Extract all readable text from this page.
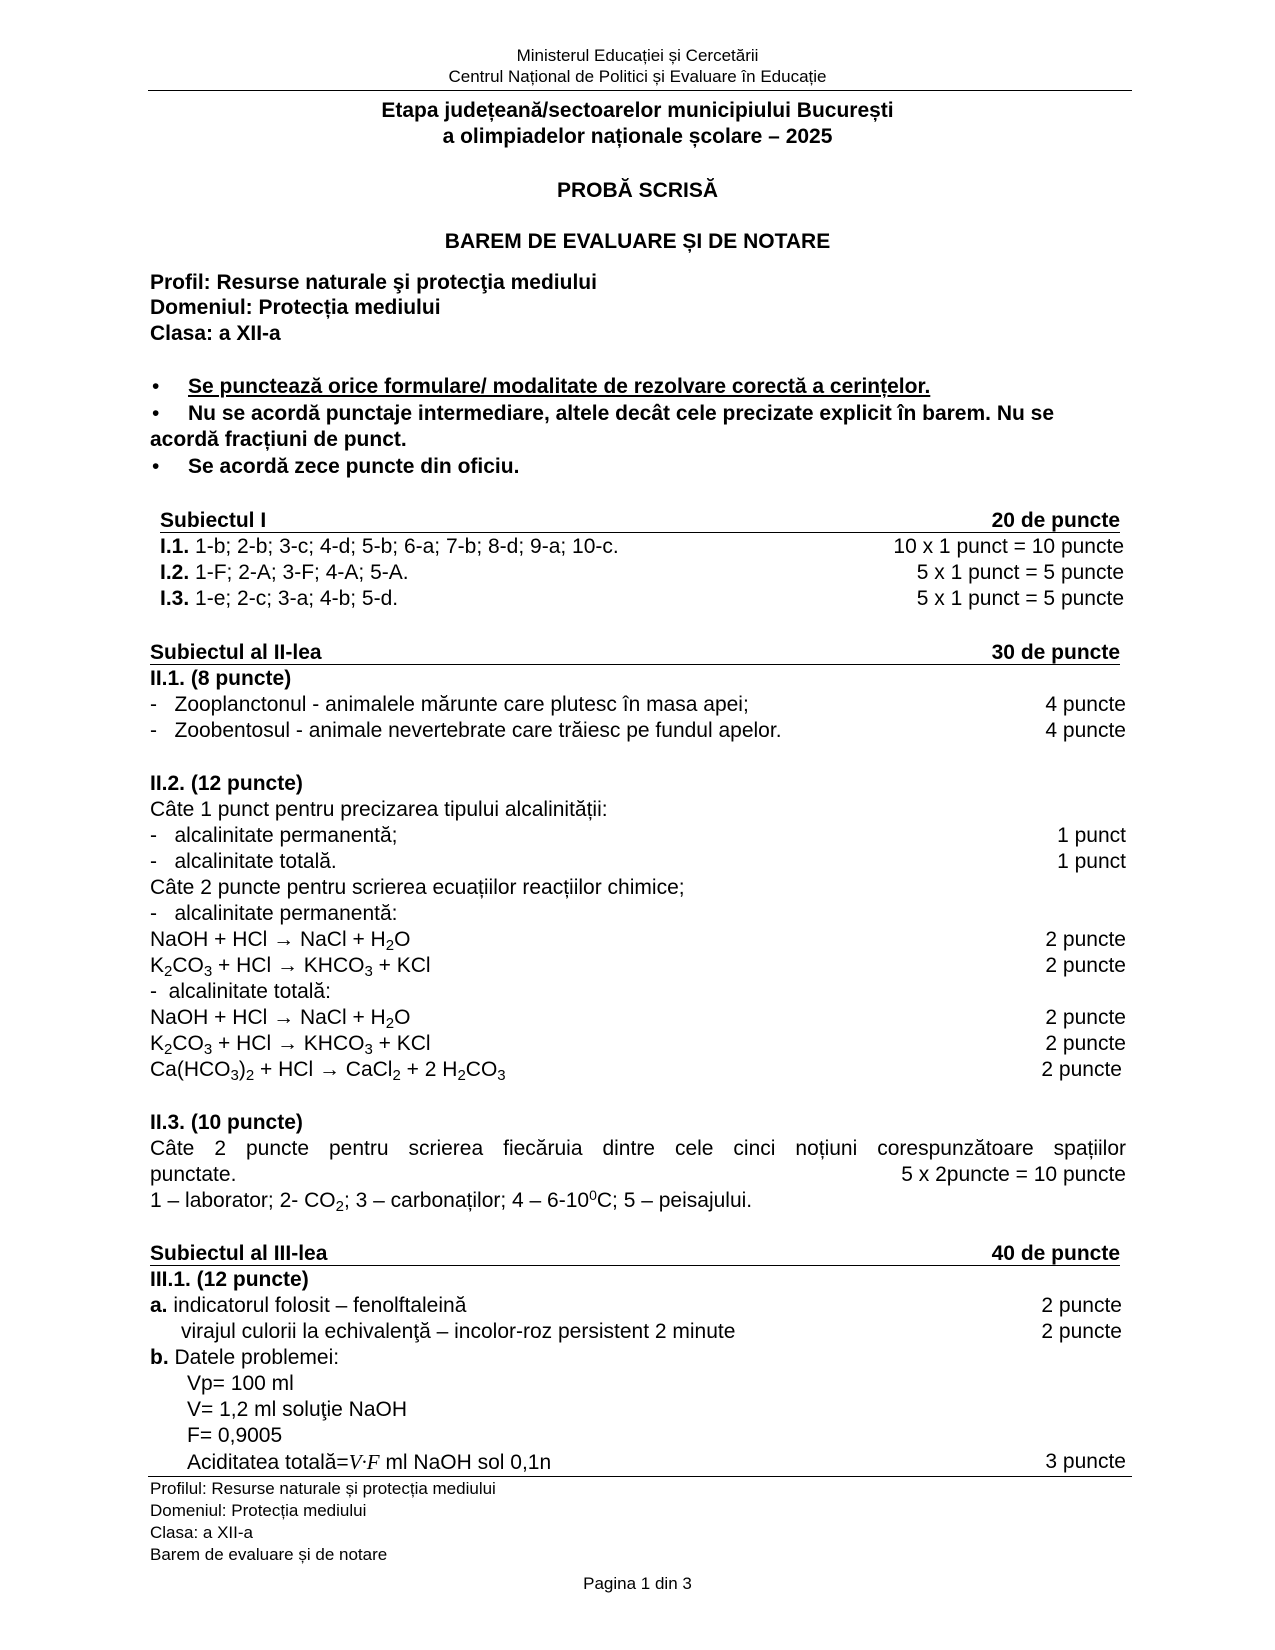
Ministerul Educației și Cercetării
Centrul Național de Politici și Evaluare în Educație
Etapa județeană/sectoarelor municipiului București
a olimpiadelor naționale școlare – 2025
PROBĂ SCRISĂ
BAREM DE EVALUARE ȘI DE NOTARE
Profil: Resurse naturale şi protecţia mediului
Domeniul: Protecția mediului
Clasa: a XII-a
Se punctează orice formulare/ modalitate de rezolvare corectă a cerințelor.
Nu se acordă punctaje intermediare, altele decât cele precizate explicit în barem. Nu se
acordă fracțiuni de punct.
Se acordă zece puncte din oficiu.
Subiectul I	20 de puncte
I.1. 1-b; 2-b; 3-c; 4-d; 5-b; 6-a; 7-b; 8-d; 9-a; 10-c.	10 x 1 punct = 10 puncte
I.2. 1-F; 2-A; 3-F; 4-A; 5-A.	5 x 1 punct = 5 puncte
I.3. 1-e; 2-c; 3-a; 4-b; 5-d.	5 x 1 punct = 5 puncte
Subiectul al II-lea	30 de puncte
II.1. (8 puncte)
-   Zooplanctonul - animalele mărunte care plutesc în masa apei;	4 puncte
-   Zoobentosul - animale nevertebrate care trăiesc pe fundul apelor.	4 puncte
II.2. (12 puncte)
Câte 1 punct pentru precizarea tipului alcalinității:
-   alcalinitate permanentă;	1 punct
-   alcalinitate totală.	1 punct
Câte 2 puncte pentru scrierea ecuațiilor reacțiilor chimice;
-   alcalinitate permanentă:
NaOH + HCl → NaCl + $H_2O$	2 puncte
$K_2CO_3$ + HCl → $KHCO_3$ + KCl	2 puncte
-  alcalinitate totală:
NaOH + HCl → NaCl + $H_2O$	2 puncte
$K_2CO_3$ + HCl → $KHCO_3$ + KCl	2 puncte
$Ca(HCO_3)_2$ + HCl → CaCl$_2$ + 2 $H_2CO_3$	2 puncte
II.3. (10 puncte)
Câte 2 puncte pentru scrierea fiecăruia dintre cele cinci noțiuni corespunzătoare spațiilor
punctate.	5 x 2puncte = 10 puncte
1 – laborator; 2- $CO_2$; 3 – carbonaților; $4 - 6-10^0C$; 5 – peisajului.
Subiectul al III-lea	40 de puncte
III.1. (12 puncte)
a. indicatorul folosit – fenolftaleină	2 puncte
virajul culorii la echivalenţă – incolor-roz persistent 2 minute	2 puncte
b. Datele problemei:
Vp= 100 ml
V= 1,2 ml soluţie NaOH
F= 0,9005
Aciditatea totală=V·F ml NaOH sol 0,1n	3 puncte
Profilul: Resurse naturale și protecția mediului
Domeniul: Protecția mediului
Clasa: a XII-a
Barem de evaluare și de notare
Pagina 1 din 3
